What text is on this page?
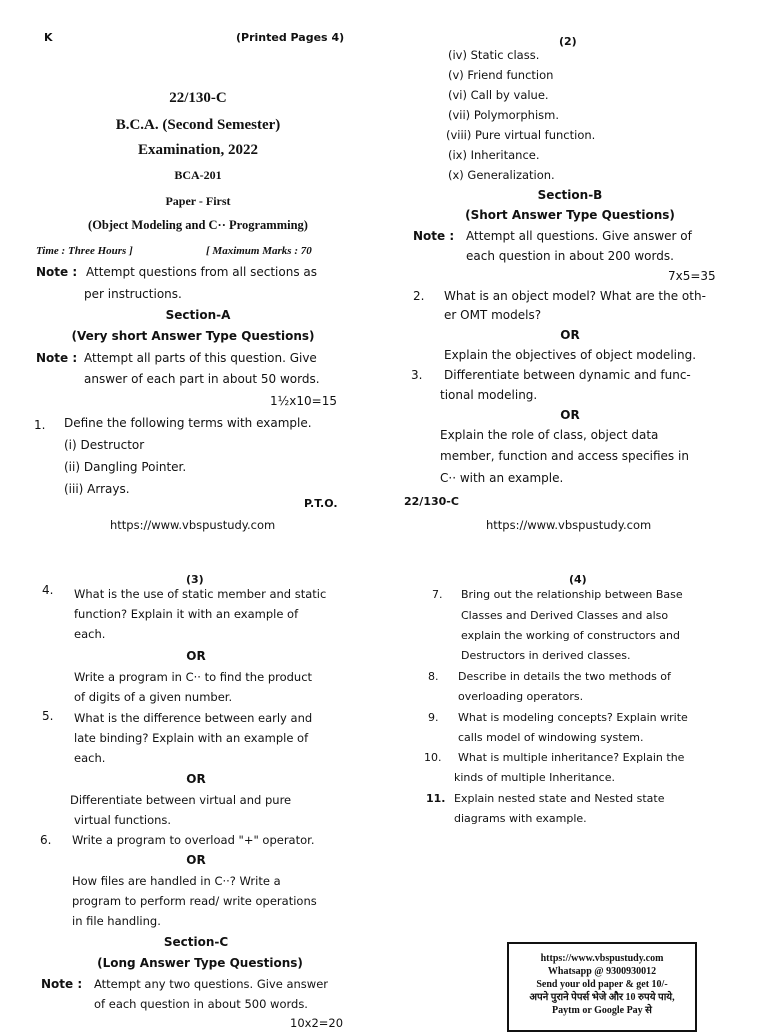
K	(Printed Pages 4)
22/130-C
B.C.A. (Second Semester)
Examination, 2022
BCA-201
Paper - First
(Object Modeling and C·· Programming)
Time : Three Hours ]	[ Maximum Marks : 70
Note : Attempt questions from all sections as
per instructions.
Section-A
(Very short Answer Type Questions)
Note : Attempt all parts of this question. Give
answer of each part in about 50 words.
1½x10=15
1. Define the following terms with example.
(i) Destructor
(ii) Dangling Pointer.
(iii) Arrays.
P.T.O.
https://www.vbspustudy.com
(2)
(iv) Static class.
(v) Friend function
(vi) Call by value.
(vii) Polymorphism.
(viii) Pure virtual function.
(ix) Inheritance.
(x) Generalization.
Section-B
(Short Answer Type Questions)
Note : Attempt all questions. Give answer of
each question in about 200 words.
7x5=35
2. What is an object model? What are the oth-
er OMT models?
OR
Explain the objectives of object modeling.
3. Differentiate between dynamic and func-
tional modeling.
OR
Explain the role of class, object data
member, function and access specifies in
C·· with an example.
22/130-C
https://www.vbspustudy.com
(3)
4. What is the use of static member and static
function? Explain it with an example of
each.
OR
Write a program in C·· to find the product
of digits of a given number.
5. What is the difference between early and
late binding? Explain with an example of
each.
OR
Differentiate between virtual and pure
virtual functions.
6. Write a program to overload "+" operator.
OR
How files are handled in C··? Write a
program to perform read/ write operations
in file handling.
Section-C
(Long Answer Type Questions)
Note : Attempt any two questions. Give answer
of each question in about 500 words.
10x2=20
(4)
7. Bring out the relationship between Base
Classes and Derived Classes and also
explain the working of constructors and
Destructors in derived classes.
8. Describe in details the two methods of
overloading operators.
9. What is modeling concepts? Explain write
calls model of windowing system.
10. What is multiple inheritance? Explain the
kinds of multiple Inheritance.
11. Explain nested state and Nested state
diagrams with example.
https://www.vbspustudy.com
Whatsapp @ 9300930012
Send your old paper & get 10/-
अपने पुराने पेपर्स भेजे और 10 रुपये पाये,
Paytm or Google Pay से
